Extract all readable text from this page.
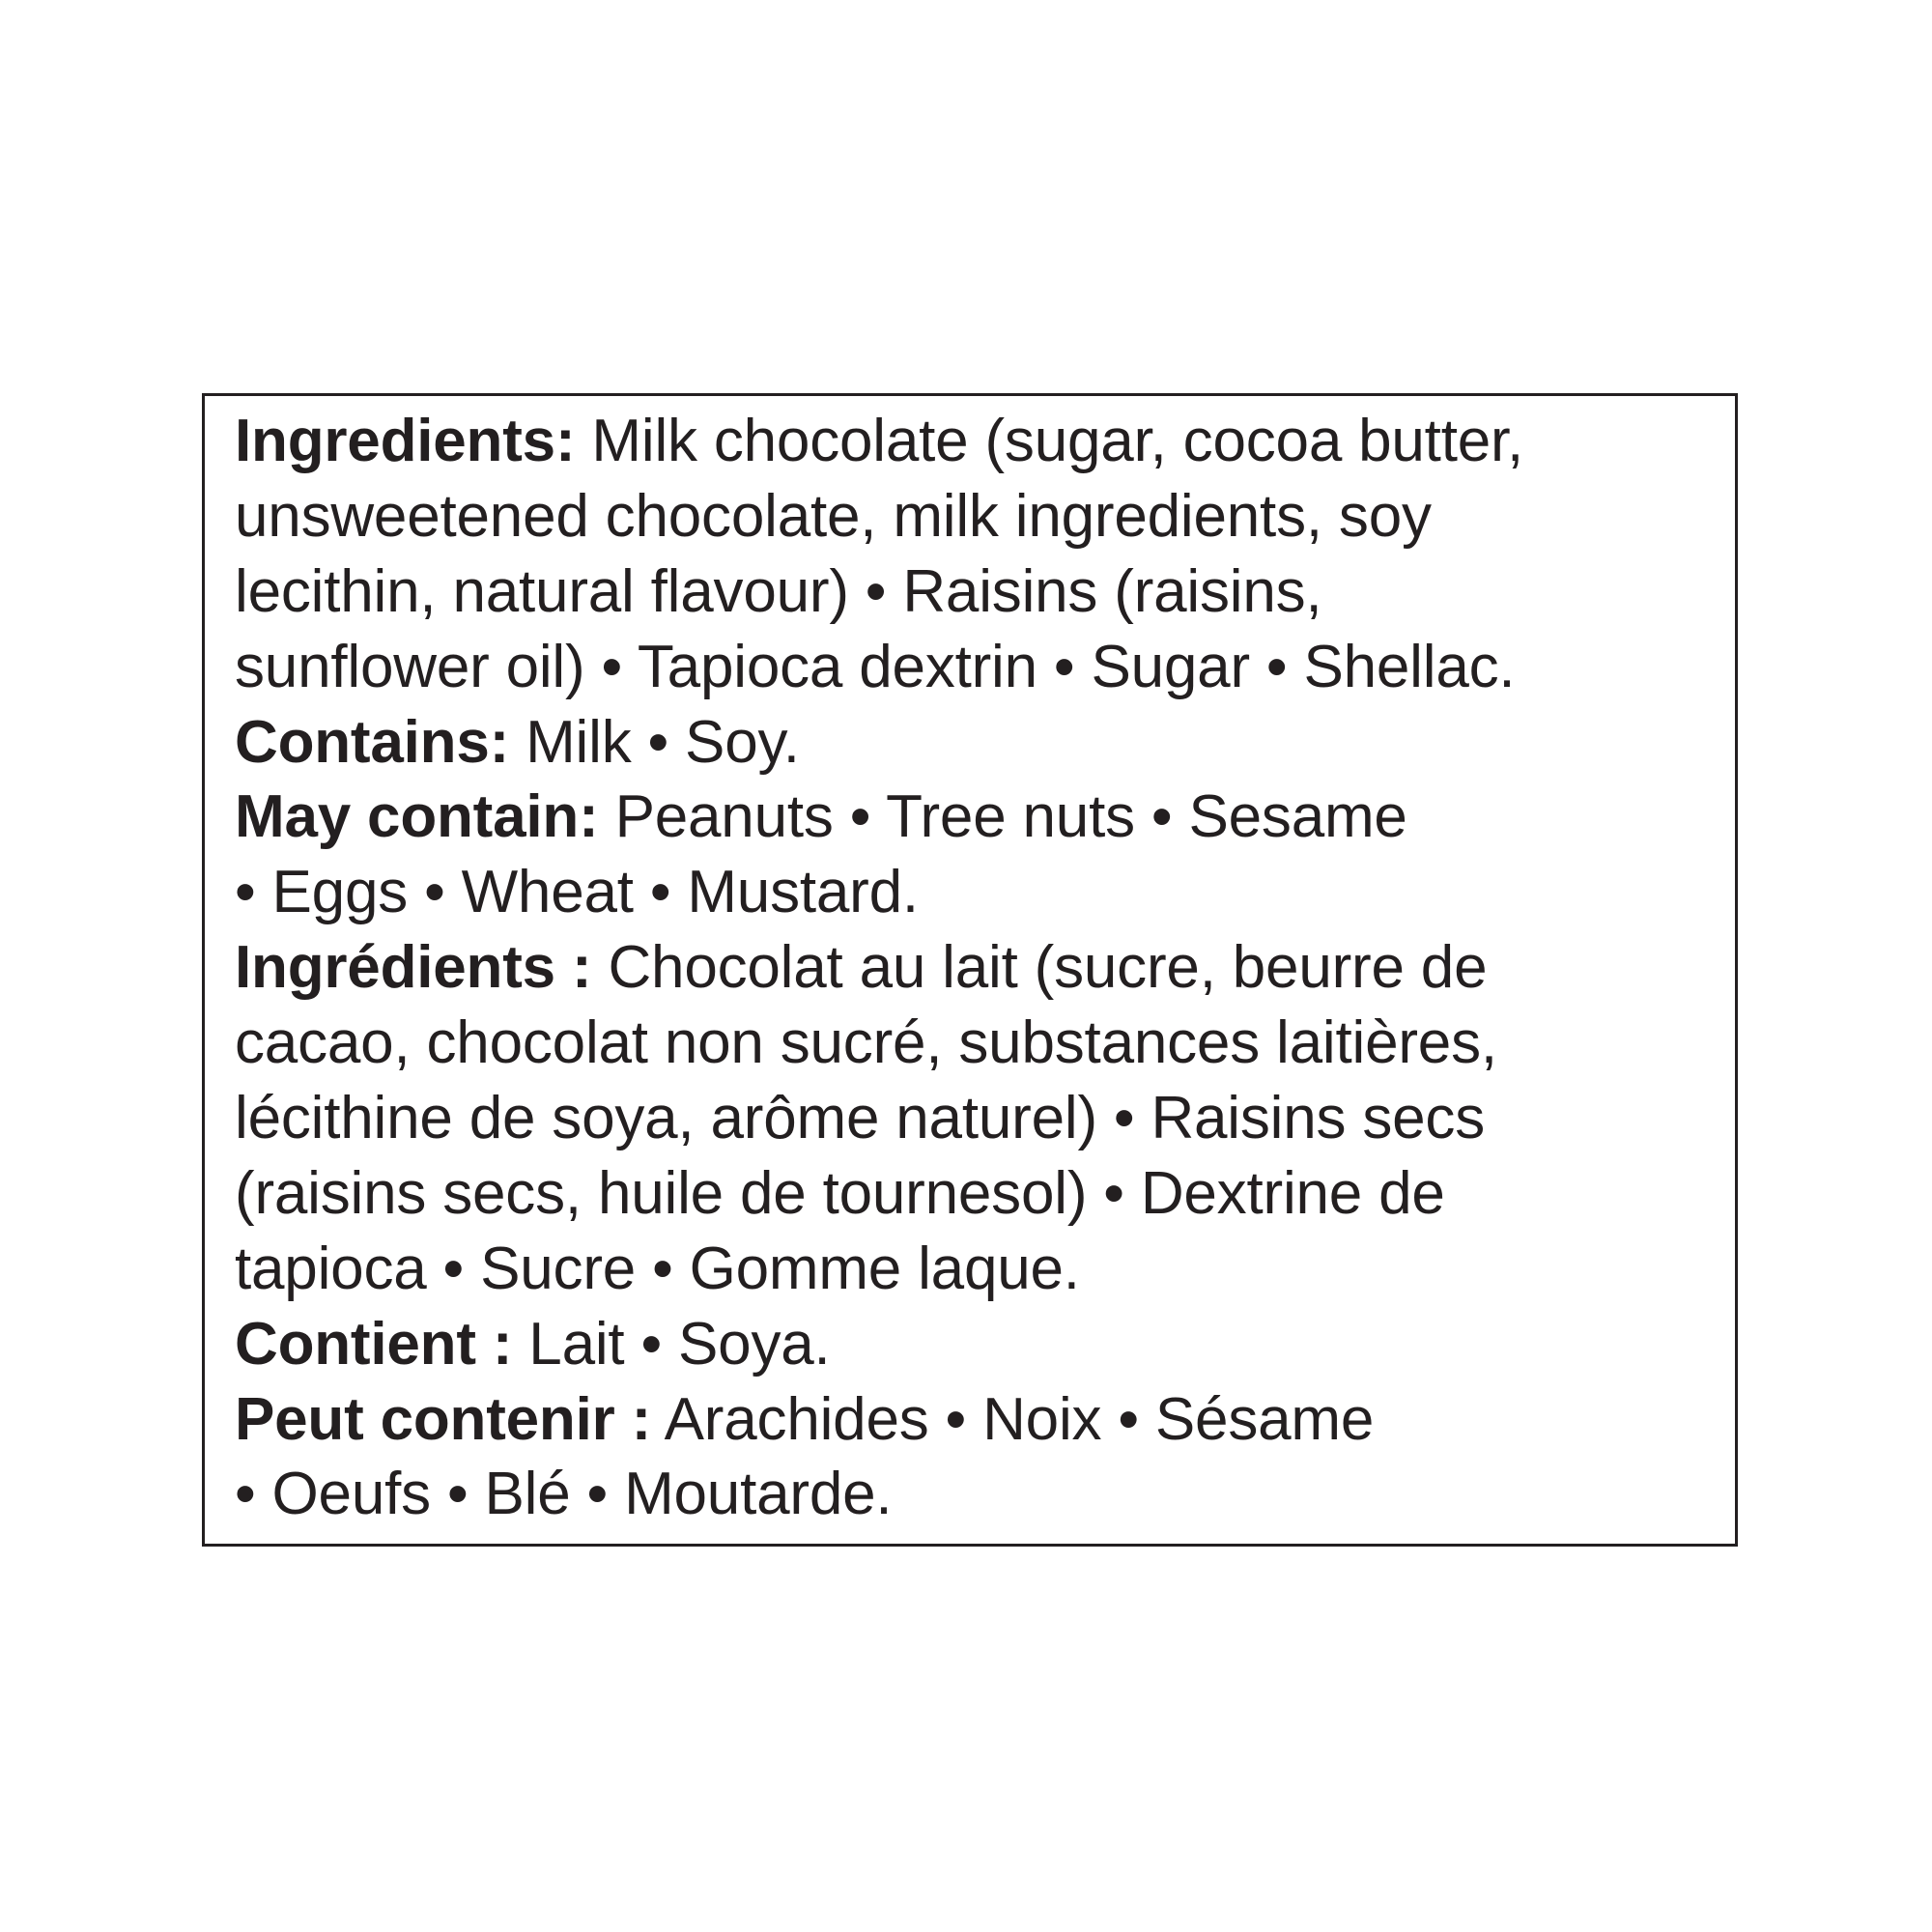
Ingredients: Milk chocolate (sugar, cocoa butter,
unsweetened chocolate, milk ingredients, soy
lecithin, natural flavour) • Raisins (raisins,
sunflower oil) • Tapioca dextrin • Sugar • Shellac.
Contains: Milk • Soy.
May contain: Peanuts • Tree nuts • Sesame
• Eggs • Wheat • Mustard.
Ingrédients : Chocolat au lait (sucre, beurre de
cacao, chocolat non sucré, substances laitières,
lécithine de soya, arôme naturel) • Raisins secs
(raisins secs, huile de tournesol) • Dextrine de
tapioca • Sucre • Gomme laque.
Contient : Lait • Soya.
Peut contenir : Arachides • Noix • Sésame
• Oeufs • Blé • Moutarde.
